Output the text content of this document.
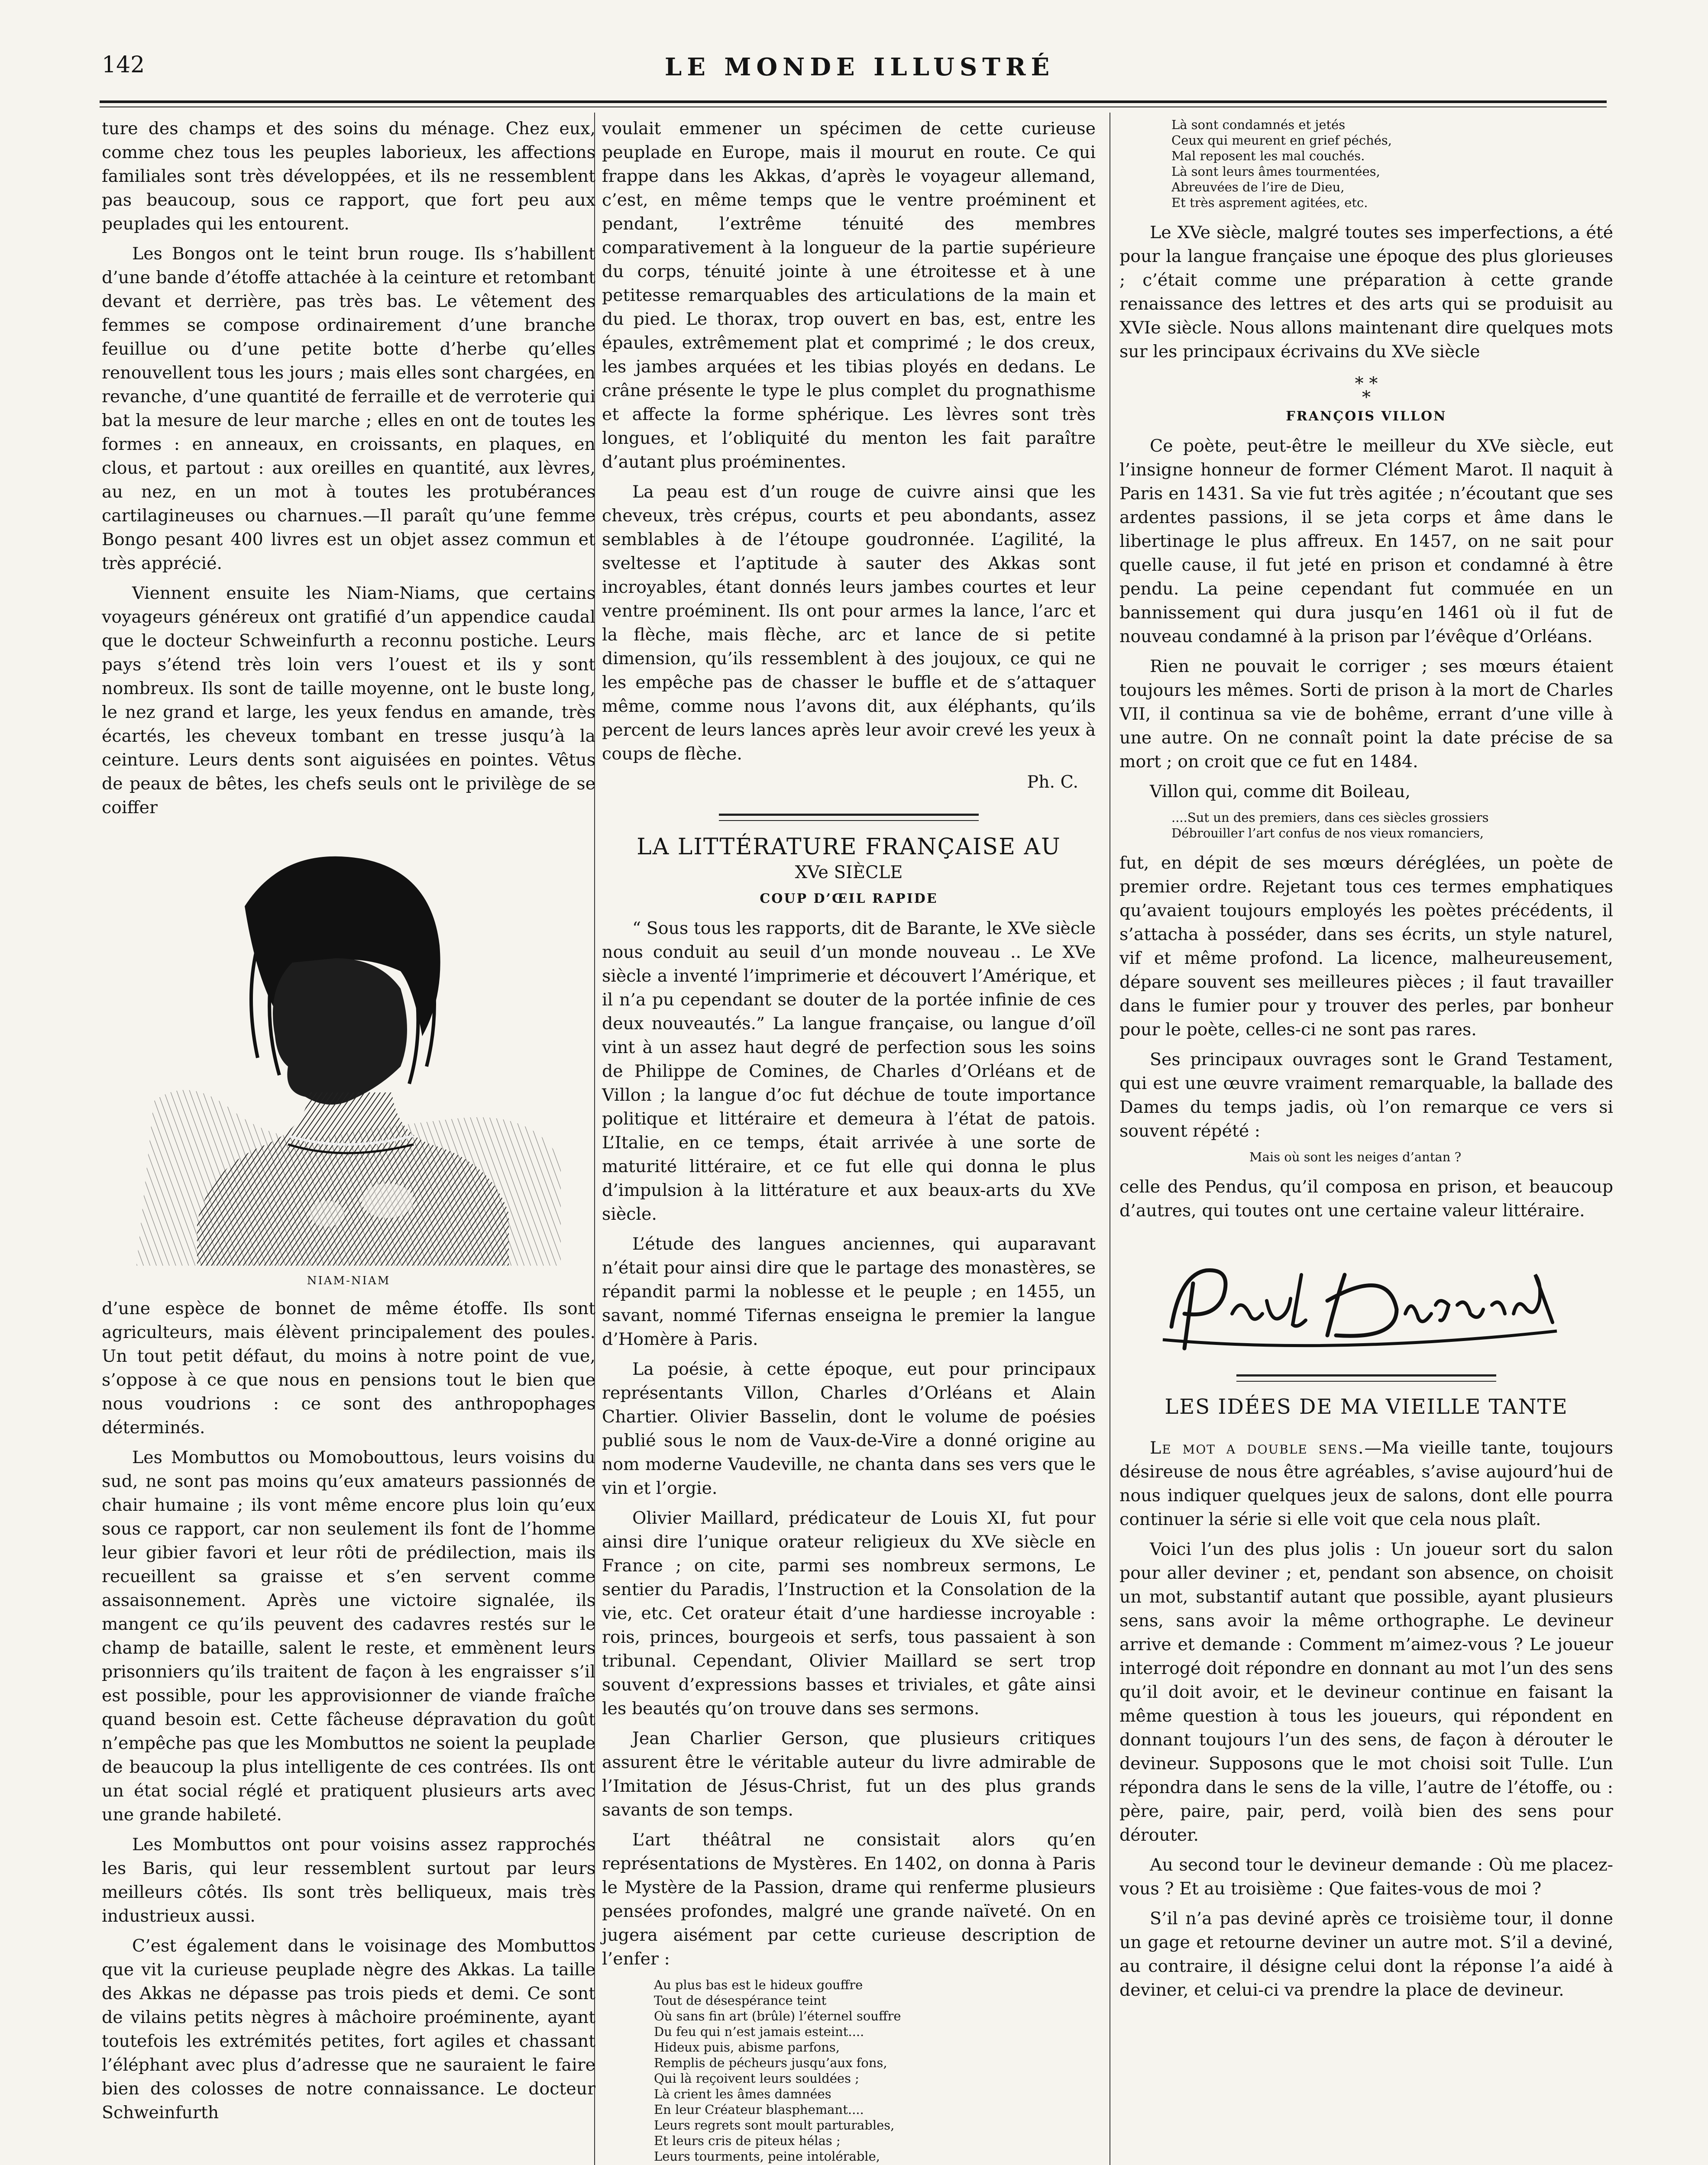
142	LE MONDE ILLUSTRÉ

ture des champs et des soins du ménage. Chez eux, comme chez tous les peuples laborieux, les affections familiales sont très développées, et ils ne ressemblent pas beaucoup, sous ce rapport, que fort peu aux peuplades qui les entourent.

Les Bongos ont le teint brun rouge. Ils s’habillent d’une bande d’étoffe attachée à la ceinture et retombant devant et derrière, pas très bas. Le vêtement des femmes se compose ordinairement d’une branche feuillue ou d’une petite botte d’herbe qu’elles renouvellent tous les jours ; mais elles sont chargées, en revanche, d’une quantité de ferraille et de verroterie qui bat la mesure de leur marche ; elles en ont de toutes les formes : en anneaux, en croissants, en plaques, en clous, et partout : aux oreilles en quantité, aux lèvres, au nez, en un mot à toutes les protubérances cartilagineuses ou charnues.—Il paraît qu’une femme Bongo pesant 400 livres est un objet assez commun et très apprécié.

Viennent ensuite les Niam-Niams, que certains voyageurs généreux ont gratifié d’un appendice caudal que le docteur Schweinfurth a reconnu postiche. Leurs pays s’étend très loin vers l’ouest et ils y sont nombreux. Ils sont de taille moyenne, ont le buste long, le nez grand et large, les yeux fendus en amande, très écartés, les cheveux tombant en tresse jusqu’à la ceinture. Leurs dents sont aiguisées en pointes. Vêtus de peaux de bêtes, les chefs seuls ont le privilège de se coiffer

NIAM-NIAM

d’une espèce de bonnet de même étoffe. Ils sont agriculteurs, mais élèvent principalement des poules. Un tout petit défaut, du moins à notre point de vue, s’oppose à ce que nous en pensions tout le bien que nous voudrions : ce sont des anthropophages déterminés.

Les Mombuttos ou Momobouttous, leurs voisins du sud, ne sont pas moins qu’eux amateurs passionnés de chair humaine ; ils vont même encore plus loin qu’eux sous ce rapport, car non seulement ils font de l’homme leur gibier favori et leur rôti de prédilection, mais ils recueillent sa graisse et s’en servent comme assaisonnement. Après une victoire signalée, ils mangent ce qu’ils peuvent des cadavres restés sur le champ de bataille, salent le reste, et emmènent leurs prisonniers qu’ils traitent de façon à les engraisser s’il est possible, pour les approvisionner de viande fraîche quand besoin est. Cette fâcheuse dépravation du goût n’empêche pas que les Mombuttos ne soient la peuplade de beaucoup la plus intelligente de ces contrées. Ils ont un état social réglé et pratiquent plusieurs arts avec une grande habileté.

Les Mombuttos ont pour voisins assez rapprochés les Baris, qui leur ressemblent surtout par leurs meilleurs côtés. Ils sont très belliqueux, mais très industrieux aussi.

C’est également dans le voisinage des Mombuttos que vit la curieuse peuplade nègre des Akkas. La taille des Akkas ne dépasse pas trois pieds et demi. Ce sont de vilains petits nègres à mâchoire proéminente, ayant toutefois les extrémités petites, fort agiles et chassant l’éléphant avec plus d’adresse que ne sauraient le faire bien des colosses de notre connaissance. Le docteur Schweinfurth

voulait emmener un spécimen de cette curieuse peuplade en Europe, mais il mourut en route. Ce qui frappe dans les Akkas, d’après le voyageur allemand, c’est, en même temps que le ventre proéminent et pendant, l’extrême ténuité des membres comparativement à la longueur de la partie supérieure du corps, ténuité jointe à une étroitesse et à une petitesse remarquables des articulations de la main et du pied. Le thorax, trop ouvert en bas, est, entre les épaules, extrêmement plat et comprimé ; le dos creux, les jambes arquées et les tibias ployés en dedans. Le crâne présente le type le plus complet du prognathisme et affecte la forme sphérique. Les lèvres sont très longues, et l’obliquité du menton les fait paraître d’autant plus proéminentes.

La peau est d’un rouge de cuivre ainsi que les cheveux, très crépus, courts et peu abondants, assez semblables à de l’étoupe goudronnée. L’agilité, la sveltesse et l’aptitude à sauter des Akkas sont incroyables, étant donnés leurs jambes courtes et leur ventre proéminent. Ils ont pour armes la lance, l’arc et la flèche, mais flèche, arc et lance de si petite dimension, qu’ils ressemblent à des joujoux, ce qui ne les empêche pas de chasser le buffle et de s’attaquer même, comme nous l’avons dit, aux éléphants, qu’ils percent de leurs lances après leur avoir crevé les yeux à coups de flèche.

Ph. C.
LA LITTÉRATURE FRANÇAISE AU
XVe SIÈCLE
COUP D’ŒIL RAPIDE

“ Sous tous les rapports, dit de Barante, le XVe siècle nous conduit au seuil d’un monde nouveau .. Le XVe siècle a inventé l’imprimerie et découvert l’Amérique, et il n’a pu cependant se douter de la portée infinie de ces deux nouveautés.” La langue française, ou langue d’oïl vint à un assez haut degré de perfection sous les soins de Philippe de Comines, de Charles d’Orléans et de Villon ; la langue d’oc fut déchue de toute importance politique et littéraire et demeura à l’état de patois. L’Italie, en ce temps, était arrivée à une sorte de maturité littéraire, et ce fut elle qui donna le plus d’impulsion à la littérature et aux beaux-arts du XVe siècle.

L’étude des langues anciennes, qui auparavant n’était pour ainsi dire que le partage des monastères, se répandit parmi la noblesse et le peuple ; en 1455, un savant, nommé Tifernas enseigna le premier la langue d’Homère à Paris.

La poésie, à cette époque, eut pour principaux représentants Villon, Charles d’Orléans et Alain Chartier. Olivier Basselin, dont le volume de poésies publié sous le nom de Vaux-de-Vire a donné origine au nom moderne Vaudeville, ne chanta dans ses vers que le vin et l’orgie.

Olivier Maillard, prédicateur de Louis XI, fut pour ainsi dire l’unique orateur religieux du XVe siècle en France ; on cite, parmi ses nombreux sermons, Le sentier du Paradis, l’Instruction et la Consolation de la vie, etc. Cet orateur était d’une hardiesse incroyable : rois, princes, bourgeois et serfs, tous passaient à son tribunal. Cependant, Olivier Maillard se sert trop souvent d’expressions basses et triviales, et gâte ainsi les beautés qu’on trouve dans ses sermons.

Jean Charlier Gerson, que plusieurs critiques assurent être le véritable auteur du livre admirable de l’Imitation de Jésus-Christ, fut un des plus grands savants de son temps.

L’art théâtral ne consistait alors qu’en représentations de Mystères. En 1402, on donna à Paris le Mystère de la Passion, drame qui renferme plusieurs pensées profondes, malgré une grande naïveté. On en jugera aisément par cette curieuse description de l’enfer :

Au plus bas est le hideux gouffre
Tout de désespérance teint
Où sans fin art (brûle) l’éternel souffre
Du feu qui n’est jamais esteint....
Hideux puis, abisme parfons,
Remplis de pécheurs jusqu’aux fons,
Qui là reçoivent leurs souldées ;
Là crient les âmes damnées
En leur Créateur blasphemant....
Leurs regrets sont moult parturables,
Et leurs cris de piteux hélas ;
Leurs tourments, peine intolérable,

Là sont condamnés et jetés
Ceux qui meurent en grief péchés,
Mal reposent les mal couchés.
Là sont leurs âmes tourmentées,
Abreuvées de l’ire de Dieu,
Et très asprement agitées, etc.

Le XVe siècle, malgré toutes ses imperfections, a été pour la langue française une époque des plus glorieuses ; c’était comme une préparation à cette grande renaissance des lettres et des arts qui se produisit au XVIe siècle. Nous allons maintenant dire quelques mots sur les principaux écrivains du XVe siècle

* *
*
FRANÇOIS VILLON

Ce poète, peut-être le meilleur du XVe siècle, eut l’insigne honneur de former Clément Marot. Il naquit à Paris en 1431. Sa vie fut très agitée ; n’écoutant que ses ardentes passions, il se jeta corps et âme dans le libertinage le plus affreux. En 1457, on ne sait pour quelle cause, il fut jeté en prison et condamné à être pendu. La peine cependant fut commuée en un bannissement qui dura jusqu’en 1461 où il fut de nouveau condamné à la prison par l’évêque d’Orléans.

Rien ne pouvait le corriger ; ses mœurs étaient toujours les mêmes. Sorti de prison à la mort de Charles VII, il continua sa vie de bohême, errant d’une ville à une autre. On ne connaît point la date précise de sa mort ; on croit que ce fut en 1484.

Villon qui, comme dit Boileau,

....Sut un des premiers, dans ces siècles grossiers
Débrouiller l’art confus de nos vieux romanciers,

fut, en dépit de ses mœurs déréglées, un poète de premier ordre. Rejetant tous ces termes emphatiques qu’avaient toujours employés les poètes précédents, il s’attacha à posséder, dans ses écrits, un style naturel, vif et même profond. La licence, malheureusement, dépare souvent ses meilleures pièces ; il faut travailler dans le fumier pour y trouver des perles, par bonheur pour le poète, celles-ci ne sont pas rares.

Ses principaux ouvrages sont le Grand Testament, qui est une œuvre vraiment remarquable, la ballade des Dames du temps jadis, où l’on remarque ce vers si souvent répété :

Mais où sont les neiges d’antan ?

celle des Pendus, qu’il composa en prison, et beaucoup d’autres, qui toutes ont une certaine valeur littéraire.

LES IDÉES DE MA VIEILLE TANTE

Le mot a double sens.—Ma vieille tante, toujours désireuse de nous être agréables, s’avise aujourd’hui de nous indiquer quelques jeux de salons, dont elle pourra continuer la série si elle voit que cela nous plaît.

Voici l’un des plus jolis : Un joueur sort du salon pour aller deviner ; et, pendant son absence, on choisit un mot, substantif autant que possible, ayant plusieurs sens, sans avoir la même orthographe. Le devineur arrive et demande : Comment m’aimez-vous ? Le joueur interrogé doit répondre en donnant au mot l’un des sens qu’il doit avoir, et le devineur continue en faisant la même question à tous les joueurs, qui répondent en donnant toujours l’un des sens, de façon à dérouter le devineur. Supposons que le mot choisi soit Tulle. L’un répondra dans le sens de la ville, l’autre de l’étoffe, ou : père, paire, pair, perd, voilà bien des sens pour dérouter.

Au second tour le devineur demande : Où me placez-vous ? Et au troisième : Que faites-vous de moi ?

S’il n’a pas deviné après ce troisième tour, il donne un gage et retourne deviner un autre mot. S’il a deviné, au contraire, il désigne celui dont la réponse l’a aidé à deviner, et celui-ci va prendre la place de devineur.
